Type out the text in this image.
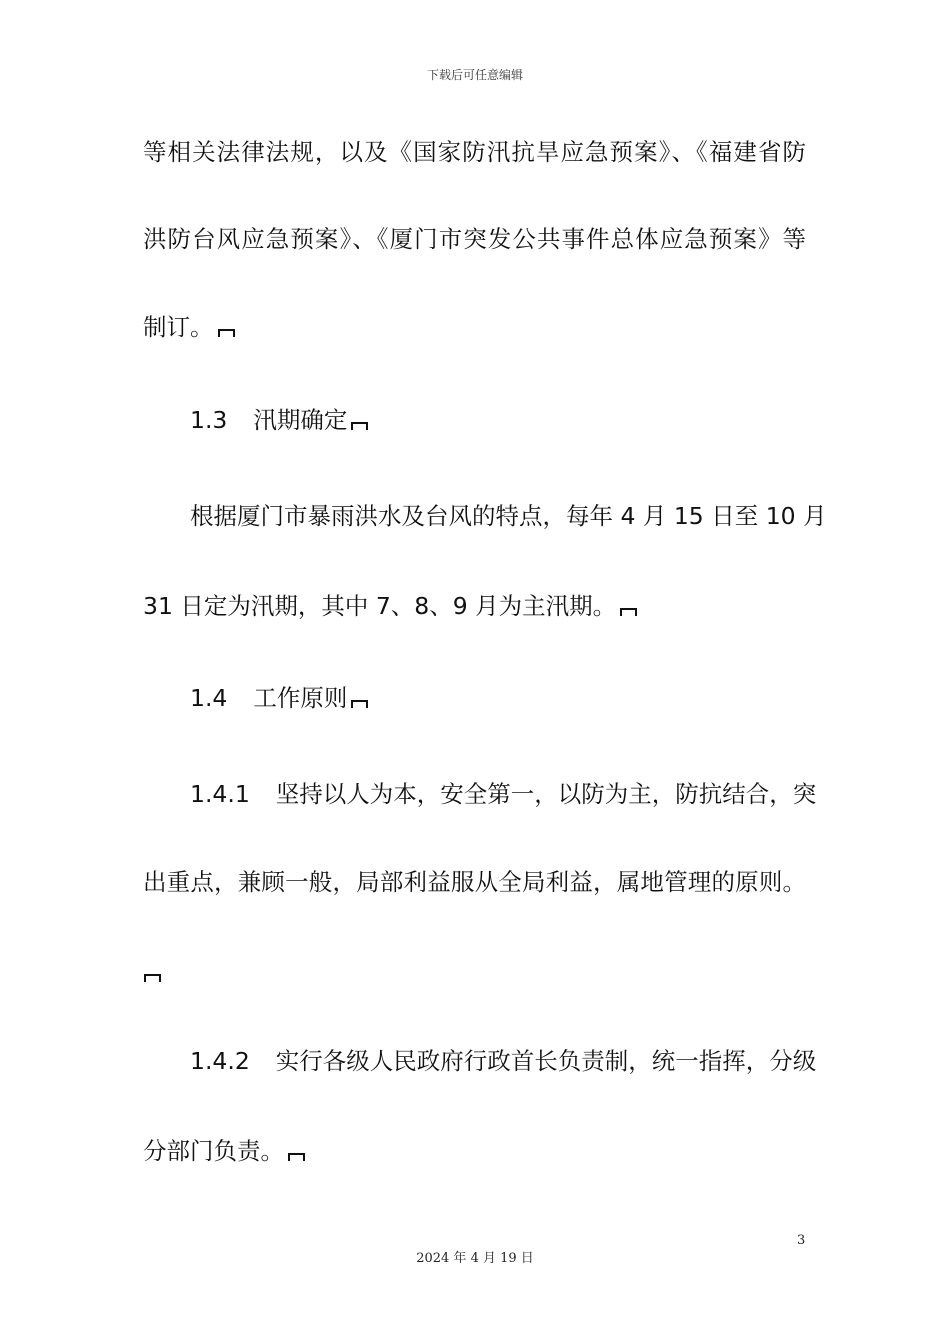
下载后可任意编辑
等相关法律法规，以及《国家防汛抗旱应急预案》、《福建省防
洪防台风应急预案》、《厦门市突发公共事件总体应急预案》等
制订。
1.3 汛期确定
根据厦门市暴雨洪水及台风的特点，每年 4 月 15 日至 10 月
31 日定为汛期，其中 7、8、9 月为主汛期。
1.4 工作原则
1.4.1 坚持以人为本，安全第一，以防为主，防抗结合，突
出重点，兼顾一般，局部利益服从全局利益，属地管理的原则。
1.4.2 实行各级人民政府行政首长负责制，统一指挥，分级
分部门负责。
3
2024 年 4 月 19 日
